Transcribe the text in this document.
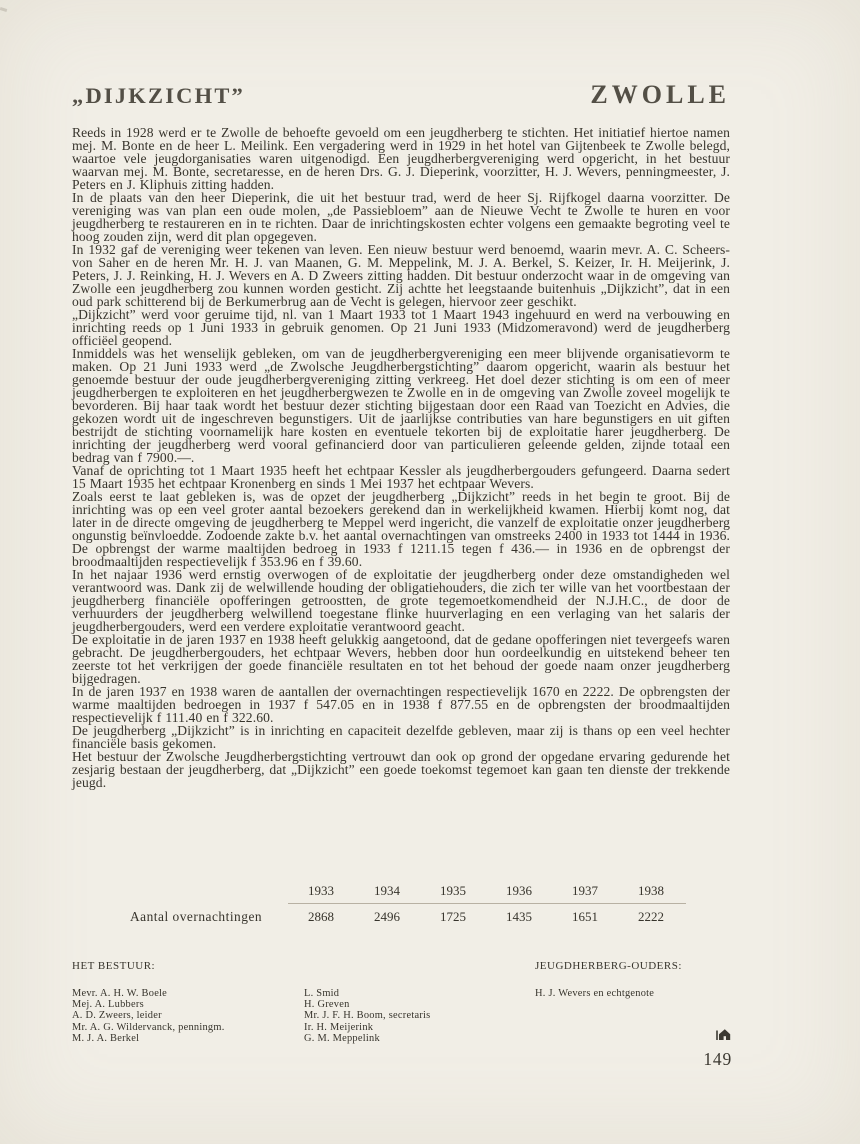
„DIJKZICHT”	ZWOLLE

Reeds in 1928 werd er te Zwolle de behoefte gevoeld om een jeugdherberg te stichten. Het initiatief hiertoe namen mej. M. Bonte en de heer L. Meilink. Een vergadering werd in 1929 in het hotel van Gijtenbeek te Zwolle belegd, waartoe vele jeugdorganisaties waren uitgenodigd. Een jeugdherbergvereniging werd opgericht, in het bestuur waarvan mej. M. Bonte, secretaresse, en de heren Drs. G. J. Dieperink, voorzitter, H. J. Wevers, penningmeester, J. Peters en J. Kliphuis zitting hadden.

In de plaats van den heer Dieperink, die uit het bestuur trad, werd de heer Sj. Rijfkogel daarna voorzitter. De vereniging was van plan een oude molen, „de Passiebloem” aan de Nieuwe Vecht te Zwolle te huren en voor jeugdherberg te restaureren en in te richten. Daar de inrichtingskosten echter volgens een gemaakte begroting veel te hoog zouden zijn, werd dit plan opgegeven.

In 1932 gaf de vereniging weer tekenen van leven. Een nieuw bestuur werd benoemd, waarin mevr. A. C. Scheers-von Saher en de heren Mr. H. J. van Maanen, G. M. Meppelink, M. J. A. Berkel, S. Keizer, Ir. H. Meijerink, J. Peters, J. J. Reinking, H. J. Wevers en A. D Zweers zitting hadden. Dit bestuur onderzocht waar in de omgeving van Zwolle een jeugdherberg zou kunnen worden gesticht. Zij achtte het leegstaande buitenhuis „Dijkzicht”, dat in een oud park schitterend bij de Berkumerbrug aan de Vecht is gelegen, hiervoor zeer geschikt.

„Dijkzicht” werd voor geruime tijd, nl. van 1 Maart 1933 tot 1 Maart 1943 ingehuurd en werd na verbouwing en inrichting reeds op 1 Juni 1933 in gebruik genomen. Op 21 Juni 1933 (Midzomeravond) werd de jeugdherberg officiëel geopend.

Inmiddels was het wenselijk gebleken, om van de jeugdherbergvereniging een meer blijvende organisatievorm te maken. Op 21 Juni 1933 werd „de Zwolsche Jeugdherbergstichting” daarom opgericht, waarin als bestuur het genoemde bestuur der oude jeugdherbergvereniging zitting verkreeg. Het doel dezer stichting is om een of meer jeugdherbergen te exploiteren en het jeugdherbergwezen te Zwolle en in de omgeving van Zwolle zoveel mogelijk te bevorderen. Bij haar taak wordt het bestuur dezer stichting bijgestaan door een Raad van Toezicht en Advies, die gekozen wordt uit de ingeschreven begunstigers. Uit de jaarlijkse contributies van hare begunstigers en uit giften bestrijdt de stichting voornamelijk hare kosten en eventuele tekorten bij de exploitatie harer jeugdherberg. De inrichting der jeugdherberg werd vooral gefinancierd door van particulieren geleende gelden, zijnde totaal een bedrag van f 7900.—.

Vanaf de oprichting tot 1 Maart 1935 heeft het echtpaar Kessler als jeugdherbergouders gefungeerd. Daarna sedert 15 Maart 1935 het echtpaar Kronenberg en sinds 1 Mei 1937 het echtpaar Wevers.

Zoals eerst te laat gebleken is, was de opzet der jeugdherberg „Dijkzicht” reeds in het begin te groot. Bij de inrichting was op een veel groter aantal bezoekers gerekend dan in werkelijkheid kwamen. Hierbij komt nog, dat later in de directe omgeving de jeugdherberg te Meppel werd ingericht, die vanzelf de exploitatie onzer jeugdherberg ongunstig beïnvloedde. Zodoende zakte b.v. het aantal overnachtingen van omstreeks 2400 in 1933 tot 1444 in 1936. De opbrengst der warme maaltijden bedroeg in 1933 f 1211.15 tegen f 436.— in 1936 en de opbrengst der broodmaaltijden respectievelijk f 353.96 en f 39.60.

In het najaar 1936 werd ernstig overwogen of de exploitatie der jeugdherberg onder deze omstandigheden wel verantwoord was. Dank zij de welwillende houding der obligatiehouders, die zich ter wille van het voortbestaan der jeugdherberg financiële opofferingen getroostten, de grote tegemoetkomendheid der N.J.H.C., de door de verhuurders der jeugdherberg welwillend toegestane flinke huurverlaging en een verlaging van het salaris der jeugdherbergouders, werd een verdere exploitatie verantwoord geacht.

De exploitatie in de jaren 1937 en 1938 heeft gelukkig aangetoond, dat de gedane opofferingen niet tevergeefs waren gebracht. De jeugdherbergouders, het echtpaar Wevers, hebben door hun oordeelkundig en uitstekend beheer ten zeerste tot het verkrijgen der goede financiële resultaten en tot het behoud der goede naam onzer jeugdherberg bijgedragen.

In de jaren 1937 en 1938 waren de aantallen der overnachtingen respectievelijk 1670 en 2222. De opbrengsten der warme maaltijden bedroegen in 1937 f 547.05 en in 1938 f 877.55 en de opbrengsten der broodmaaltijden respectievelijk f 111.40 en f 322.60.

De jeugdherberg „Dijkzicht” is in inrichting en capaciteit dezelfde gebleven, maar zij is thans op een veel hechter financiële basis gekomen.

Het bestuur der Zwolsche Jeugdherbergstichting vertrouwt dan ook op grond der opgedane ervaring gedurende het zesjarig bestaan der jeugdherberg, dat „Dijkzicht” een goede toekomst tegemoet kan gaan ten dienste der trekkende jeugd.

1933	1934	1935	1936	1937	1938
Aantal overnachtingen	2868	2496	1725	1435	1651	2222
HET BESTUUR:
Mevr. A. H. W. Boele
Mej. A. Lubbers
A. D. Zweers, leider
Mr. A. G. Wildervanck, penningm.
M. J. A. Berkel
L. Smid
H. Greven
Mr. J. F. H. Boom, secretaris
Ir. H. Meijerink
G. M. Meppelink
JEUGDHERBERG-OUDERS:
H. J. Wevers en echtgenote
149
